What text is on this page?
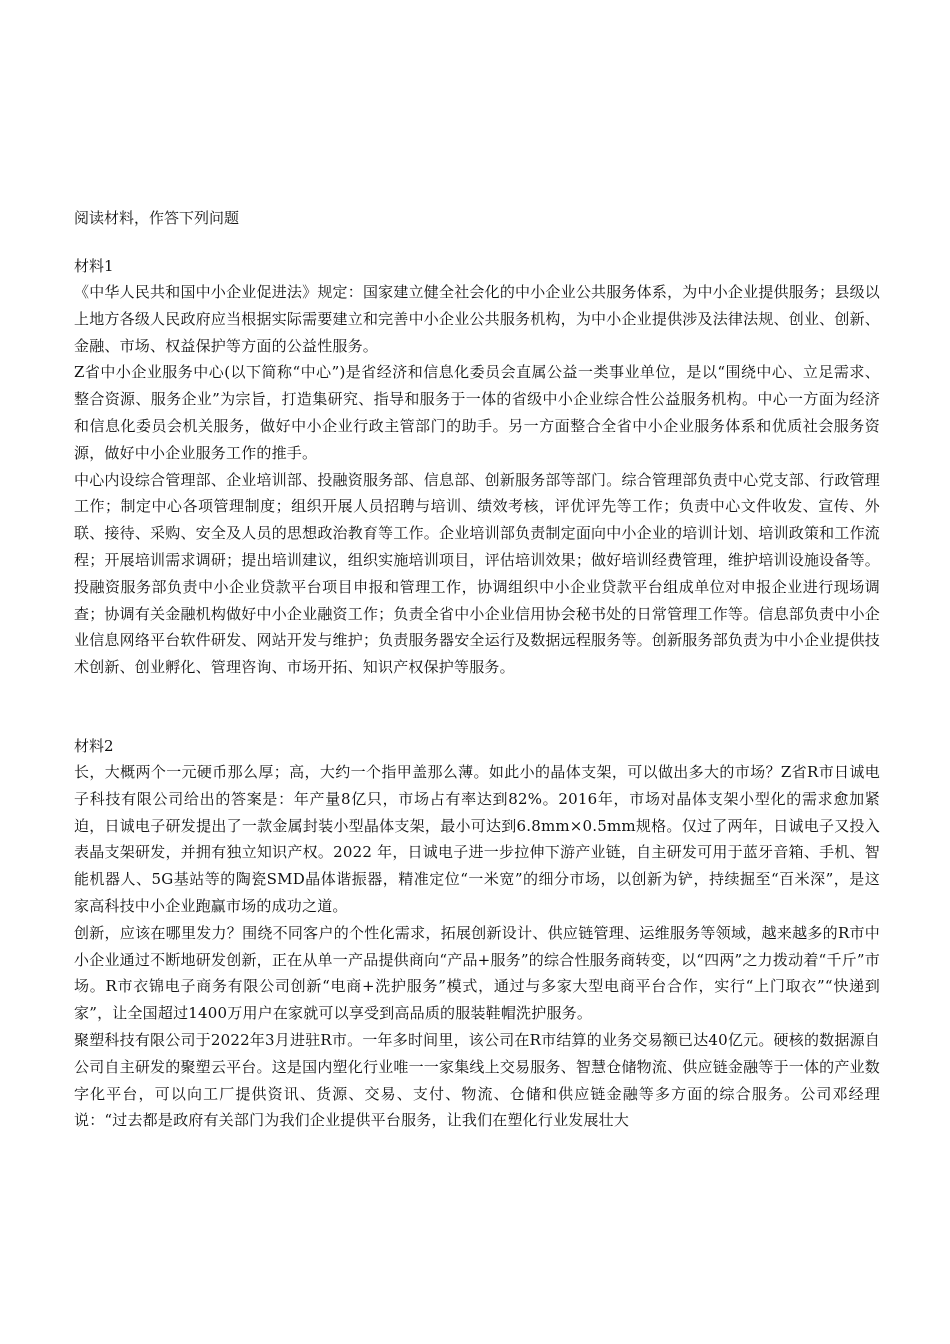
阅读材料，作答下列问题

材料1

《中华人民共和国中小企业促进法》规定：国家建立健全社会化的中小企业公共服务体系，为中小企业提供服务；县级以上地方各级人民政府应当根据实际需要建立和完善中小企业公共服务机构，为中小企业提供涉及法律法规、创业、创新、金融、市场、权益保护等方面的公益性服务。

Z省中小企业服务中心(以下简称“中心”)是省经济和信息化委员会直属公益一类事业单位，是以“围绕中心、立足需求、整合资源、服务企业”为宗旨，打造集研究、指导和服务于一体的省级中小企业综合性公益服务机构。中心一方面为经济和信息化委员会机关服务，做好中小企业行政主管部门的助手。另一方面整合全省中小企业服务体系和优质社会服务资源，做好中小企业服务工作的推手。

中心内设综合管理部、企业培训部、投融资服务部、信息部、创新服务部等部门。综合管理部负责中心党支部、行政管理工作；制定中心各项管理制度；组织开展人员招聘与培训、绩效考核，评优评先等工作；负责中心文件收发、宣传、外联、接待、采购、安全及人员的思想政治教育等工作。企业培训部负责制定面向中小企业的培训计划、培训政策和工作流程；开展培训需求调研；提出培训建议，组织实施培训项目，评估培训效果；做好培训经费管理，维护培训设施设备等。投融资服务部负责中小企业贷款平台项目申报和管理工作，协调组织中小企业贷款平台组成单位对申报企业进行现场调查；协调有关金融机构做好中小企业融资工作；负责全省中小企业信用协会秘书处的日常管理工作等。信息部负责中小企业信息网络平台软件研发、网站开发与维护；负责服务器安全运行及数据远程服务等。创新服务部负责为中小企业提供技术创新、创业孵化、管理咨询、市场开拓、知识产权保护等服务。

材料2

长，大概两个一元硬币那么厚；高，大约一个指甲盖那么薄。如此小的晶体支架，可以做出多大的市场？Z省R市日诚电子科技有限公司给出的答案是：年产量8亿只，市场占有率达到82%。2016年，市场对晶体支架小型化的需求愈加紧迫，日诚电子研发提出了一款金属封装小型晶体支架，最小可达到6.8mm×0.5mm规格。仅过了两年，日诚电子又投入表晶支架研发，并拥有独立知识产权。2022 年，日诚电子进一步拉伸下游产业链，自主研发可用于蓝牙音箱、手机、智能机器人、5G基站等的陶瓷SMD晶体谐振器，精准定位“一米宽”的细分市场，以创新为铲，持续掘至“百米深”，是这家高科技中小企业跑赢市场的成功之道。

创新，应该在哪里发力？围绕不同客户的个性化需求，拓展创新设计、供应链管理、运维服务等领域，越来越多的R市中小企业通过不断地研发创新，正在从单一产品提供商向“产品+服务”的综合性服务商转变，以“四两”之力拨动着“千斤”市场。R市衣锦电子商务有限公司创新“电商+洗护服务”模式，通过与多家大型电商平台合作，实行“上门取衣”“快递到家”，让全国超过1400万用户在家就可以享受到高品质的服装鞋帽洗护服务。

聚塑科技有限公司于2022年3月进驻R市。一年多时间里，该公司在R市结算的业务交易额已达40亿元。硬核的数据源自公司自主研发的聚塑云平台。这是国内塑化行业唯一一家集线上交易服务、智慧仓储物流、供应链金融等于一体的产业数字化平台，可以向工厂提供资讯、货源、交易、支付、物流、仓储和供应链金融等多方面的综合服务。公司邓经理说：“过去都是政府有关部门为我们企业提供平台服务，让我们在塑化行业发展壮大
